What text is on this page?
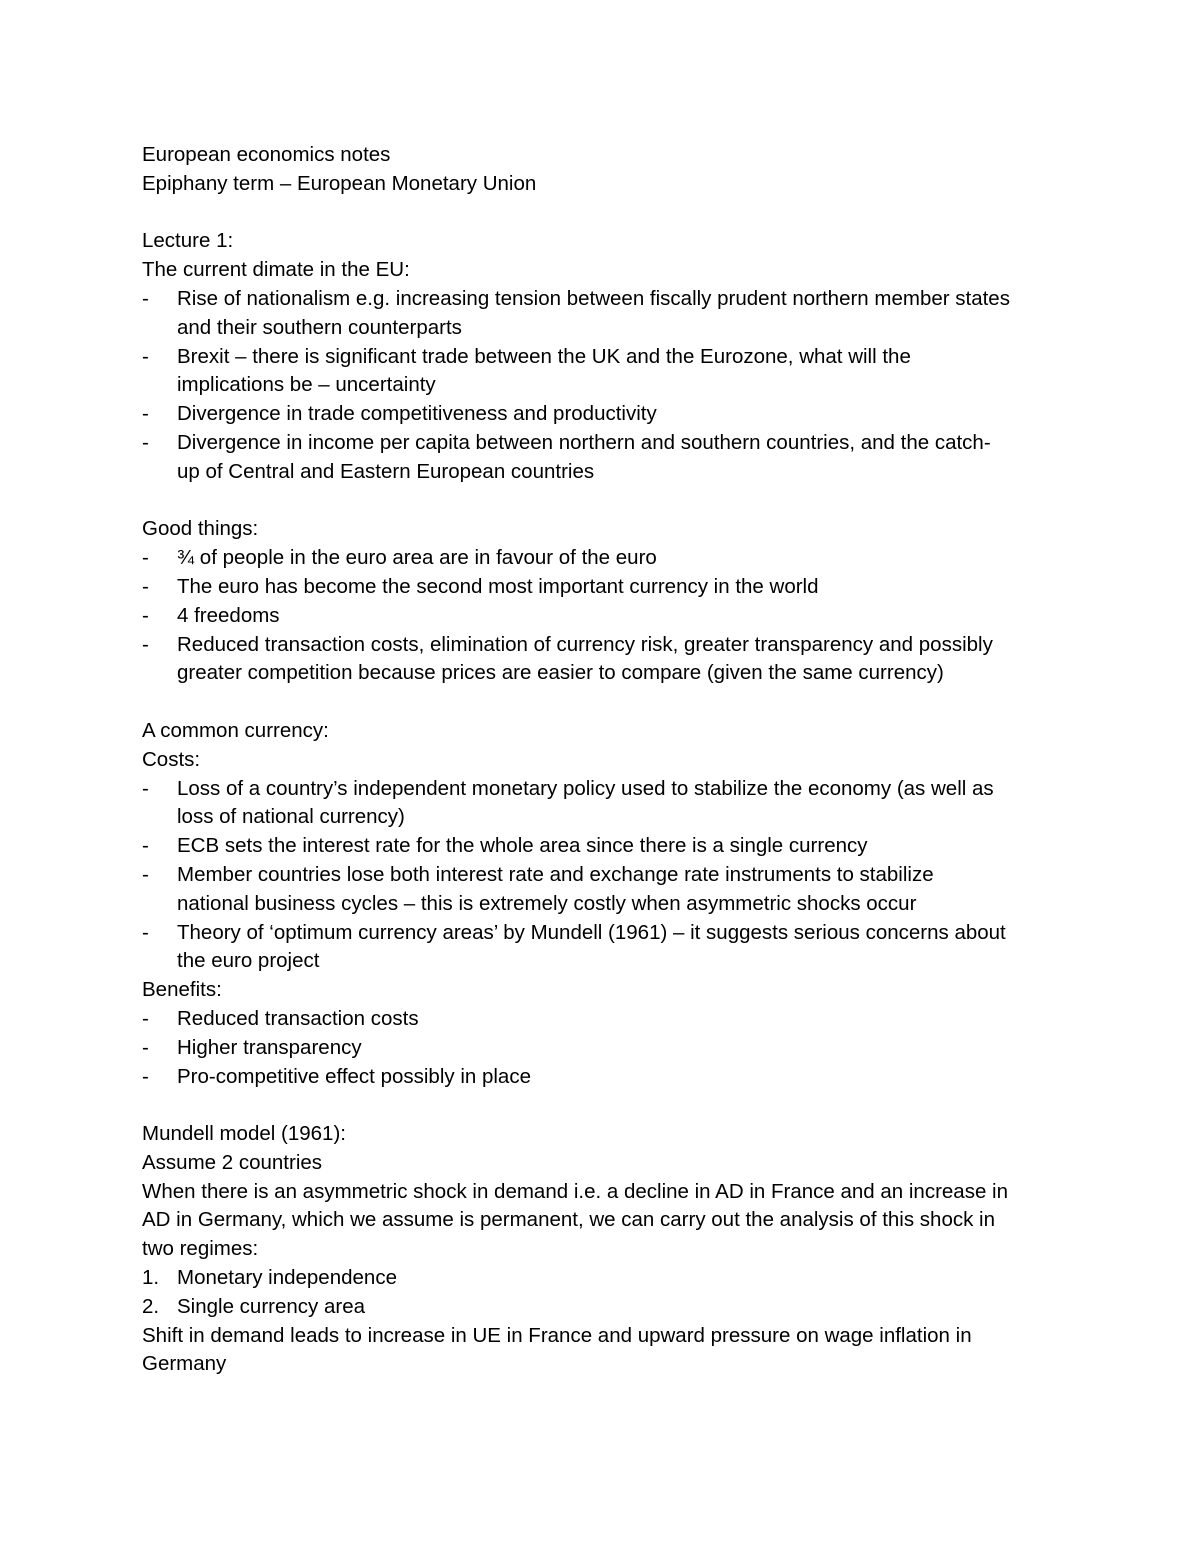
European economics notes
Epiphany term – European Monetary Union
Lecture 1:
The current dimate in the EU:
-	Rise of nationalism e.g. increasing tension between fiscally prudent northern member states
and their southern counterparts
-	Brexit – there is significant trade between the UK and the Eurozone, what will the
implications be – uncertainty
-	Divergence in trade competitiveness and productivity
-	Divergence in income per capita between northern and southern countries, and the catch-
up of Central and Eastern European countries
Good things:
-	¾ of people in the euro area are in favour of the euro
-	The euro has become the second most important currency in the world
-	4 freedoms
-	Reduced transaction costs, elimination of currency risk, greater transparency and possibly
greater competition because prices are easier to compare (given the same currency)
A common currency:
Costs:
-	Loss of a country’s independent monetary policy used to stabilize the economy (as well as
loss of national currency)
-	ECB sets the interest rate for the whole area since there is a single currency
-	Member countries lose both interest rate and exchange rate instruments to stabilize
national business cycles – this is extremely costly when asymmetric shocks occur
-	Theory of ‘optimum currency areas’ by Mundell (1961) – it suggests serious concerns about
the euro project
Benefits:
-	Reduced transaction costs
-	Higher transparency
-	Pro-competitive effect possibly in place
Mundell model (1961):
Assume 2 countries
When there is an asymmetric shock in demand i.e. a decline in AD in France and an increase in
AD in Germany, which we assume is permanent, we can carry out the analysis of this shock in
two regimes:
1. Monetary independence
2. Single currency area
Shift in demand leads to increase in UE in France and upward pressure on wage inflation in
Germany
